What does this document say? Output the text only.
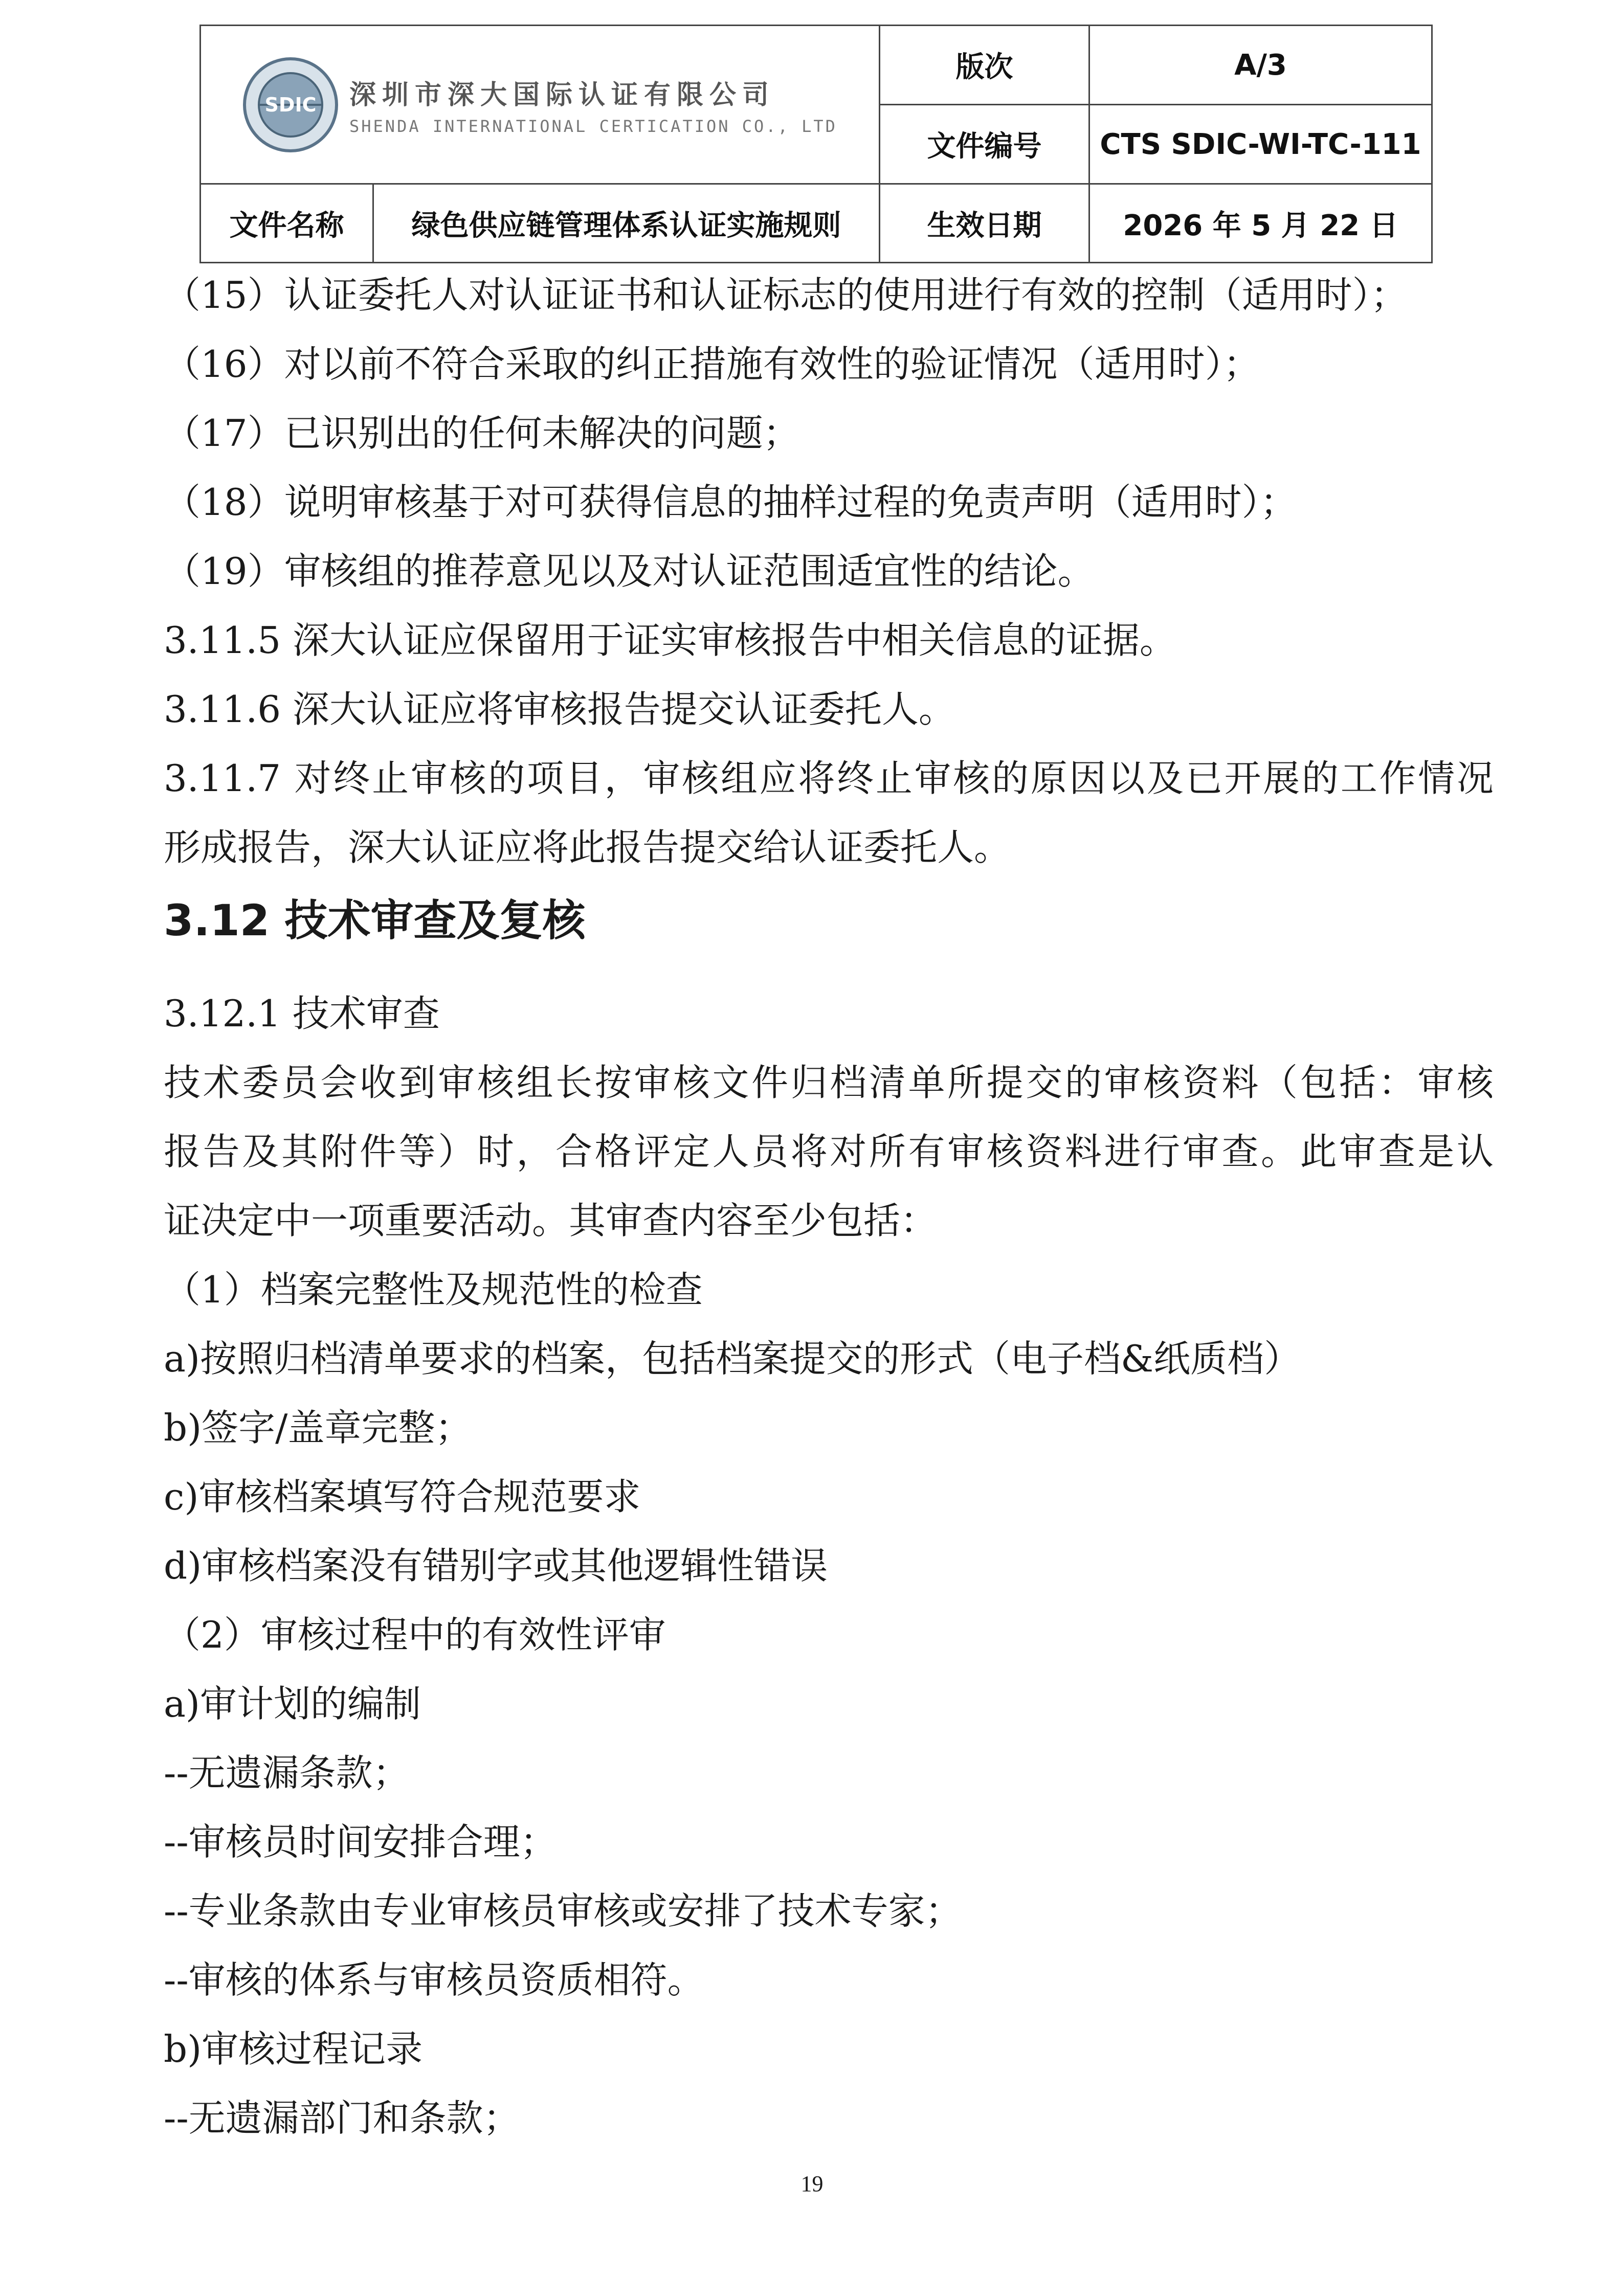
SDIC 深圳市深大国际认证有限公司
SHENDA INTERNATIONAL CERTICATION CO., LTD		版次	A/3
		文件编号	CTS SDIC-WI-TC-111
文件名称	绿色供应链管理体系认证实施规则	生效日期	2026 年 5 月 22 日
（15）认证委托人对认证证书和认证标志的使用进行有效的控制（适用时）；
（16）对以前不符合采取的纠正措施有效性的验证情况（适用时）；
（17）已识别出的任何未解决的问题；
（18）说明审核基于对可获得信息的抽样过程的免责声明（适用时）；
（19）审核组的推荐意见以及对认证范围适宜性的结论。
3.11.5 深大认证应保留用于证实审核报告中相关信息的证据。
3.11.6 深大认证应将审核报告提交认证委托人。
3.11.7 对终止审核的项目，审核组应将终止审核的原因以及已开展的工作情况
形成报告，深大认证应将此报告提交给认证委托人。
3.12 技术审查及复核
3.12.1 技术审查
技术委员会收到审核组长按审核文件归档清单所提交的审核资料（包括：审核
报告及其附件等）时，合格评定人员将对所有审核资料进行审查。此审查是认
证决定中一项重要活动。其审查内容至少包括：
（1）档案完整性及规范性的检查
a)按照归档清单要求的档案，包括档案提交的形式（电子档&纸质档）
b)签字/盖章完整；
c)审核档案填写符合规范要求
d)审核档案没有错别字或其他逻辑性错误
（2）审核过程中的有效性评审
a)审计划的编制
--无遗漏条款；
--审核员时间安排合理；
--专业条款由专业审核员审核或安排了技术专家；
--审核的体系与审核员资质相符。
b)审核过程记录
--无遗漏部门和条款；
19
